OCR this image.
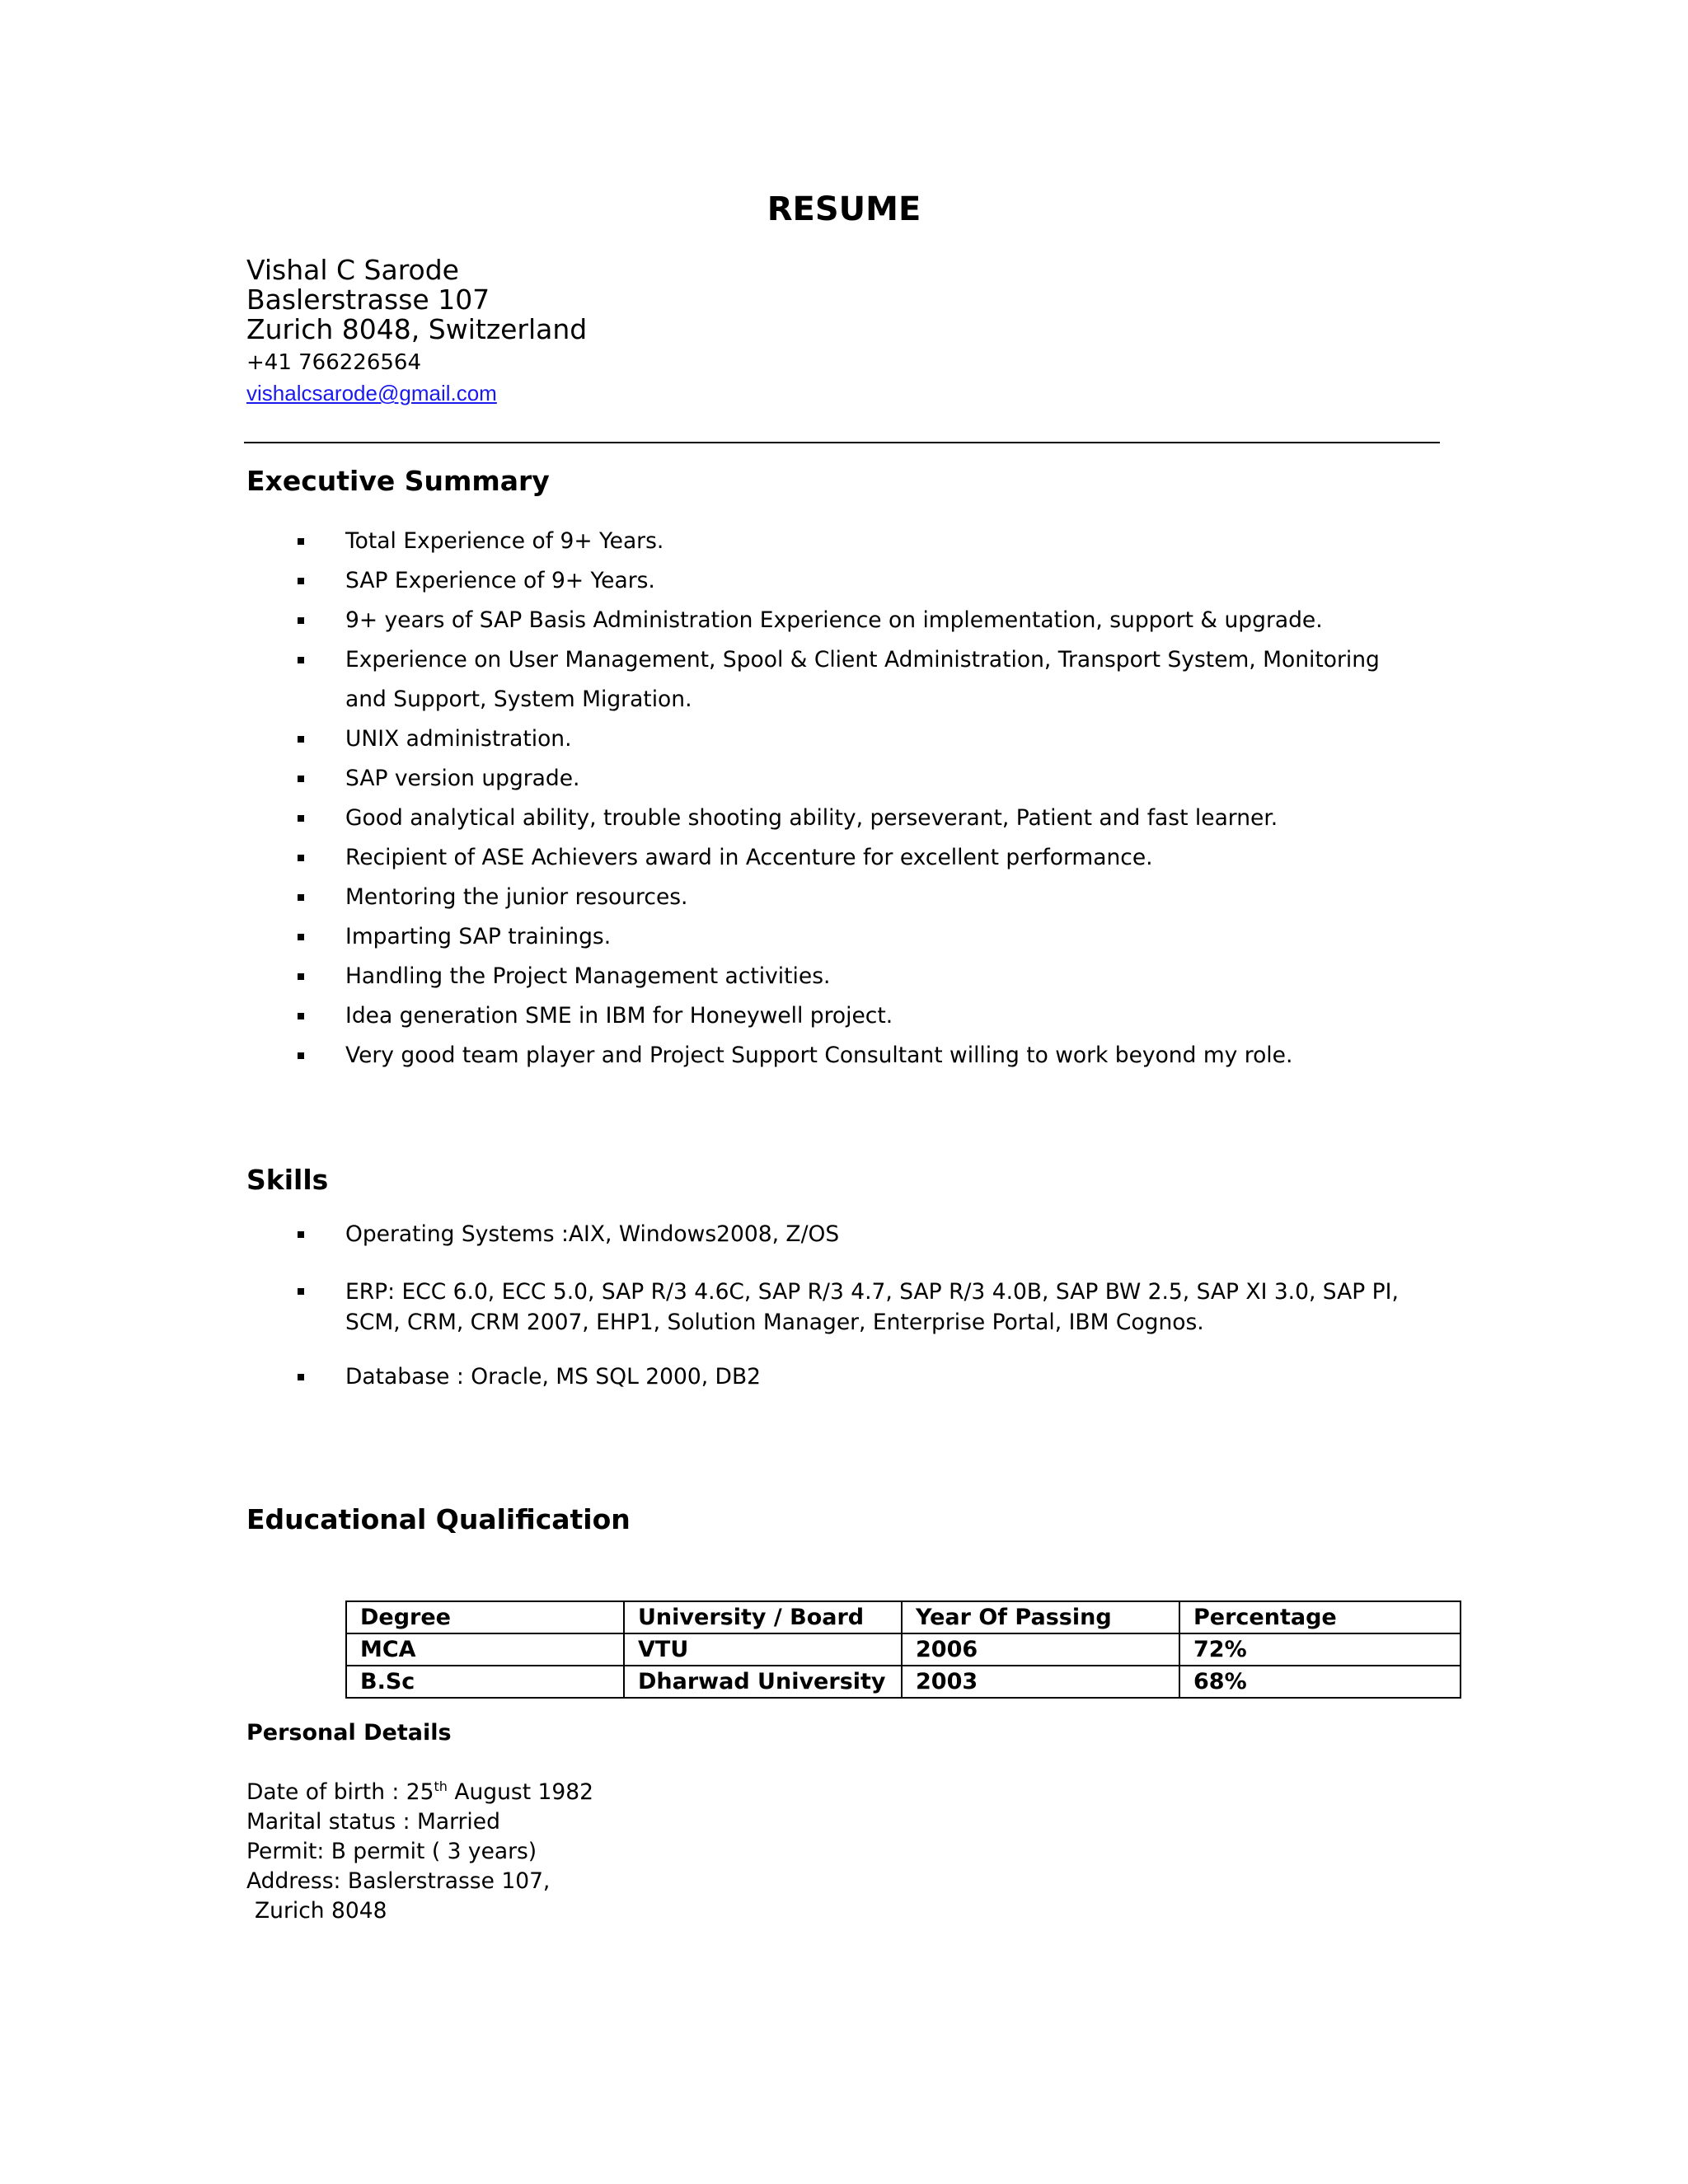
RESUME
Vishal C Sarode
Baslerstrasse 107
Zurich 8048, Switzerland
+41 766226564
vishalcsarode@gmail.com
Executive Summary
Total Experience of 9+ Years.
SAP Experience of 9+ Years.
9+ years of SAP Basis Administration Experience on implementation, support & upgrade.
Experience on User Management, Spool & Client Administration, Transport System, Monitoring
and Support, System Migration.
UNIX administration.
SAP version upgrade.
Good analytical ability, trouble shooting ability, perseverant, Patient and fast learner.
Recipient of ASE Achievers award in Accenture for excellent performance.
Mentoring the junior resources.
Imparting SAP trainings.
Handling the Project Management activities.
Idea generation SME in IBM for Honeywell project.
Very good team player and Project Support Consultant willing to work beyond my role.
Skills
Operating Systems :AIX, Windows2008, Z/OS
ERP: ECC 6.0, ECC 5.0, SAP R/3 4.6C, SAP R/3 4.7, SAP R/3 4.0B, SAP BW 2.5, SAP XI 3.0, SAP PI, SCM, CRM, CRM 2007, EHP1, Solution Manager, Enterprise Portal, IBM Cognos.
Database : Oracle, MS SQL 2000, DB2
Educational Qualification
Degree	University / Board	Year Of Passing	Percentage
MCA	VTU	2006	72%
B.Sc	Dharwad University	2003	68%
Personal Details
Date of birth : 25th August 1982
Marital status : Married
Permit: B permit ( 3 years)
Address: Baslerstrasse 107,
Zurich 8048
